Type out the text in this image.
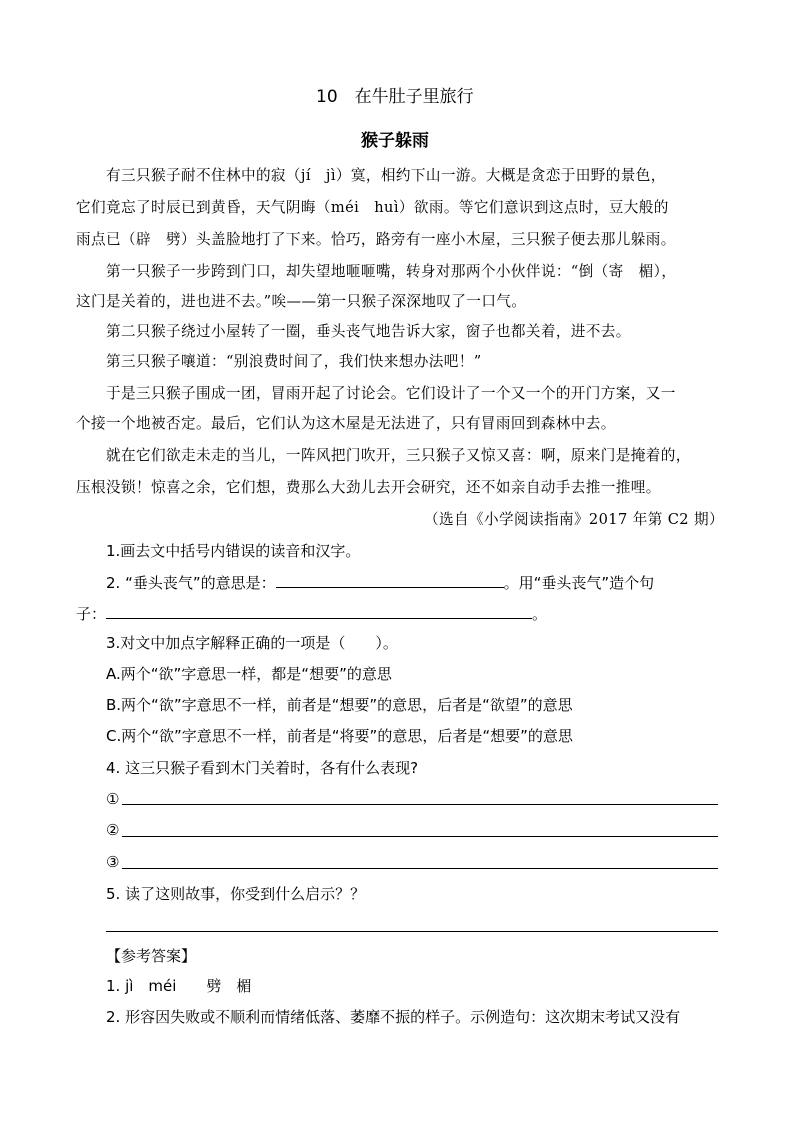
10　在牛肚子里旅行
猴子躲雨
有三只猴子耐不住林中的寂（jí　jì）寞，相约下山一游。大概是贪恋于田野的景色，
它们竟忘了时辰已到黄昏，天气阴晦（méi　huì）欲雨。等它们意识到这点时，豆大般的
雨点已（辟　劈）头盖脸地打了下来。恰巧，路旁有一座小木屋，三只猴子便去那儿躲雨。
第一只猴子一步跨到门口，却失望地咂咂嘴，转身对那两个小伙伴说：“倒（寄　楣），
这门是关着的，进也进不去。”唉——第一只猴子深深地叹了一口气。
第二只猴子绕过小屋转了一圈，垂头丧气地告诉大家，窗子也都关着，进不去。
第三只猴子嚷道：“别浪费时间了，我们快来想办法吧！”
于是三只猴子围成一团，冒雨开起了讨论会。它们设计了一个又一个的开门方案，又一
个接一个地被否定。最后，它们认为这木屋是无法进了，只有冒雨回到森林中去。
就在它们欲走未走的当儿，一阵风把门吹开，三只猴子又惊又喜：啊，原来门是掩着的，
压根没锁！惊喜之余，它们想，费那么大劲儿去开会研究，还不如亲自动手去推一推哩。
（选自《小学阅读指南》2017 年第 C2 期）
1.画去文中括号内错误的读音和汉字。
2. “垂头丧气”的意思是：	。用“垂头丧气”造个句
子：	。
3.对文中加点字解释正确的一项是（　　）。
A.两个“欲”字意思一样，都是“想要”的意思
B.两个“欲”字意思不一样，前者是“想要”的意思，后者是“欲望”的意思
C.两个“欲”字意思不一样，前者是“将要”的意思，后者是“想要”的意思
4. 这三只猴子看到木门关着时，各有什么表现?
①
②
③
5. 读了这则故事，你受到什么启示？？
【参考答案】
1. jì　méi　　劈　楣
2. 形容因失败或不顺利而情绪低落、萎靡不振的样子。示例造句：这次期末考试又没有
